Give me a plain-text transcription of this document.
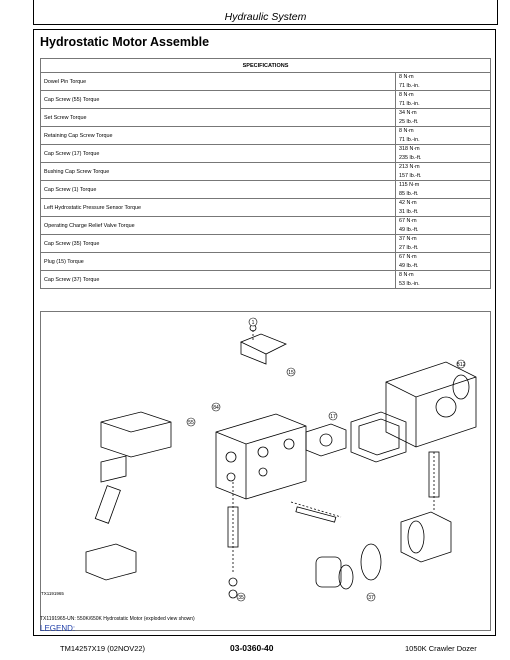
Hydraulic System
Hydrostatic Motor Assemble
SPECIFICATIONS	
Dowel Pin Torque	8 N·m
71 lb.-in.

Cap Screw (55) Torque	8 N·m
71 lb.-in.

Set Screw Torque	34 N·m
25 lb.-ft.

Retaining Cap Screw Torque	8 N·m
71 lb.-in.

Cap Screw (17) Torque	318 N·m
235 lb.-ft.

Bushing Cap Screw Torque	213 N·m
157 lb.-ft.

Cap Screw (1) Torque	115 N·m
85 lb.-ft.

Left Hydrostatic Pressure Sensor Torque	42 N·m
31 lb.-ft.

Operating Charge Relief Valve Torque	67 N·m
49 lb.-ft.

Cap Screw (35) Torque	37 N·m
27 lb.-ft.

Plug (15) Torque	67 N·m
49 lb.-ft.

Cap Screw (37) Torque	8 N·m
53 lb.-in.
1
B12
15
17
35	37
55
84
TX1191965-UN: 550K/650K Hydrostatic Motor (exploded view shown)
LEGEND:
TX1191965
TM14257X19 (02NOV22)	03-0360-40	1050K Crawler Dozer
